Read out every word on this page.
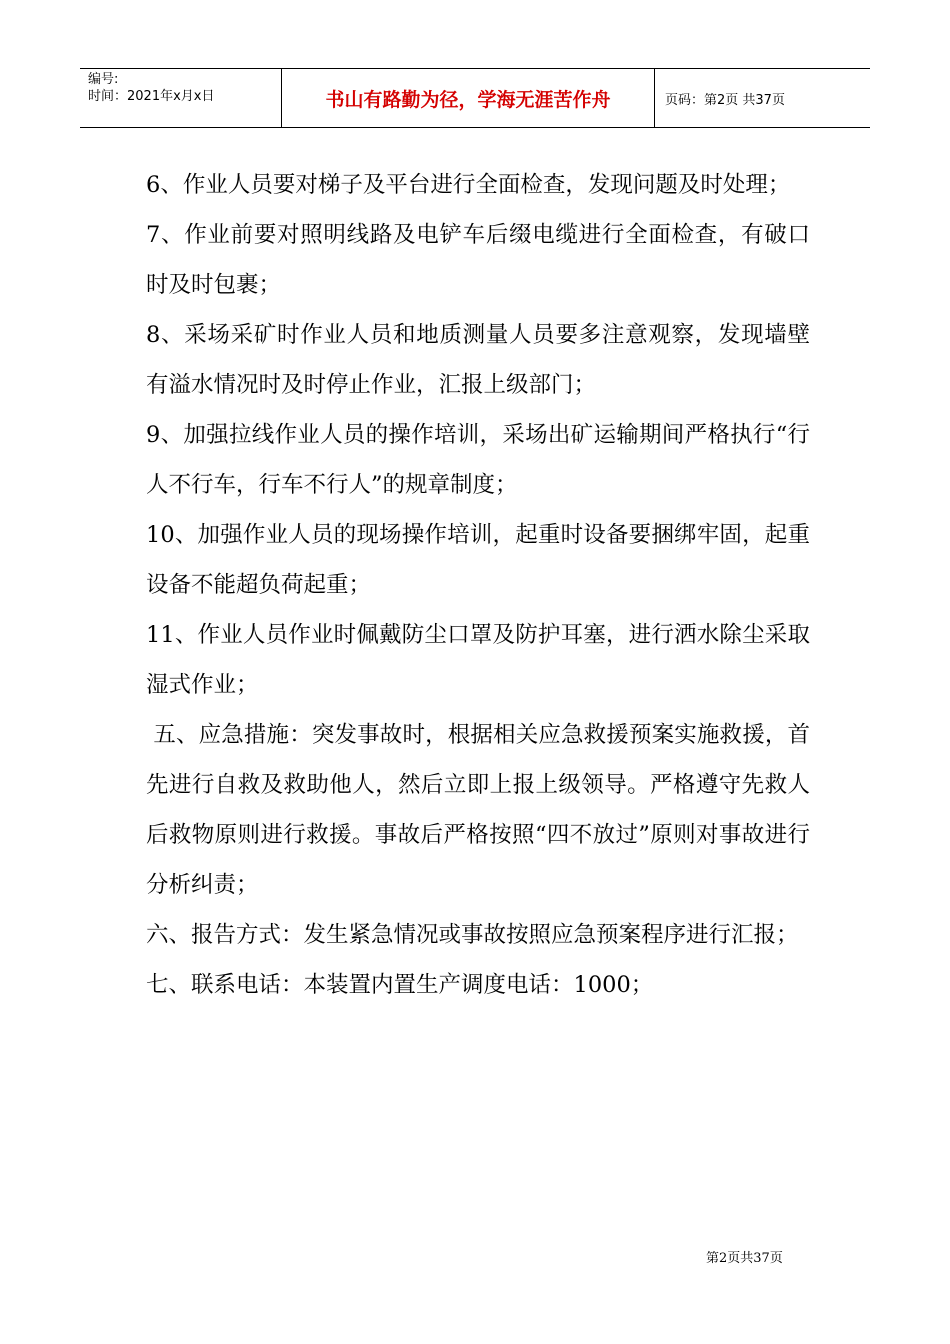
编号:
时间：2021年x月x日	书山有路勤为径，学海无涯苦作舟	页码：第2页 共37页

6、作业人员要对梯子及平台进行全面检查，发现问题及时处理；

7、作业前要对照明线路及电铲车后缀电缆进行全面检查，有破口时及时包裹；

8、采场采矿时作业人员和地质测量人员要多注意观察，发现墙壁有溢水情况时及时停止作业，汇报上级部门；

9、加强拉线作业人员的操作培训，采场出矿运输期间严格执行“行人不行车，行车不行人”的规章制度；

10、加强作业人员的现场操作培训，起重时设备要捆绑牢固，起重设备不能超负荷起重；

11、作业人员作业时佩戴防尘口罩及防护耳塞，进行洒水除尘采取湿式作业；

五、应急措施：突发事故时，根据相关应急救援预案实施救援，首先进行自救及救助他人，然后立即上报上级领导。严格遵守先救人后救物原则进行救援。事故后严格按照“四不放过”原则对事故进行分析纠责；

六、报告方式：发生紧急情况或事故按照应急预案程序进行汇报；

七、联系电话：本装置内置生产调度电话：1000；

第2页共37页
